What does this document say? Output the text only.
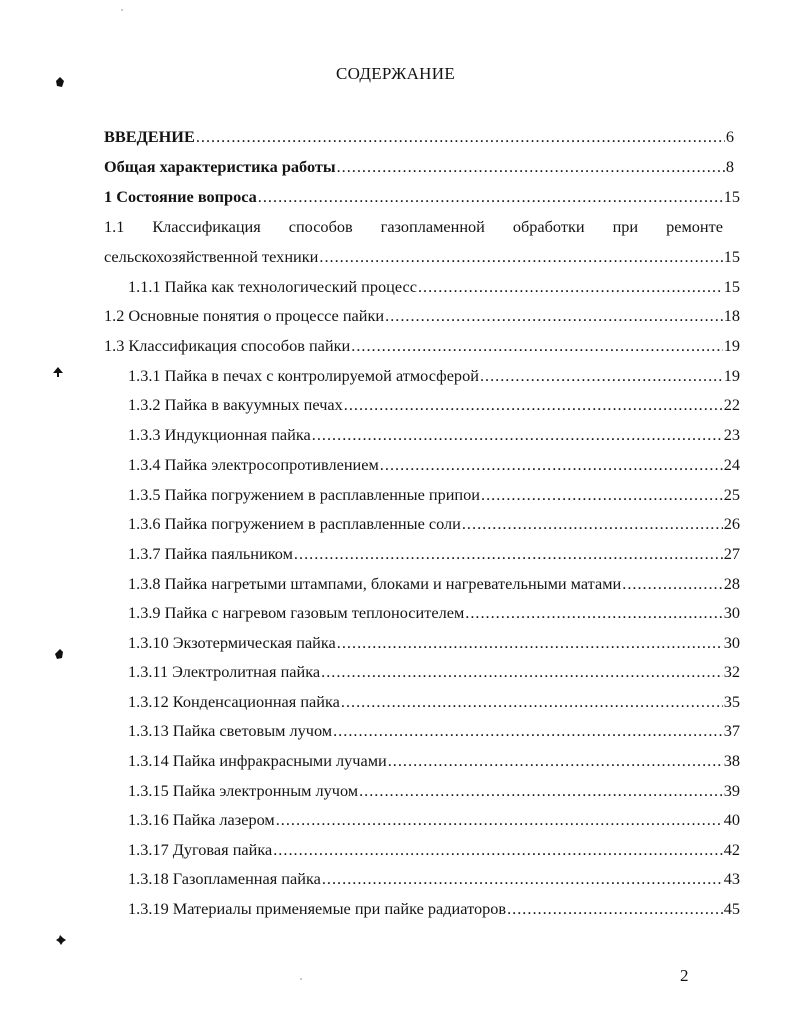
СОДЕРЖАНИЕ
ВВЕДЕНИЕ .....	6
Общая характеристика работы .....	8
1 Состояние вопроса .....	15
1.1 Классификация способов газопламенной обработки при ремонте
сельскохозяйственной техники .....	15
1.1.1 Пайка как технологический процесс .....	15
1.2 Основные понятия о процессе пайки .....	18
1.3 Классификация способов пайки .....	19
1.3.1 Пайка в печах с контролируемой атмосферой .....	19
1.3.2 Пайка в вакуумных печах .....	22
1.3.3 Индукционная пайка .....	23
1.3.4 Пайка электросопротивлением .....	24
1.3.5 Пайка погружением в расплавленные припои .....	25
1.3.6 Пайка погружением в расплавленные соли .....	26
1.3.7 Пайка паяльником .....	27
1.3.8 Пайка нагретыми штампами, блоками и нагревательными матами .....	28
1.3.9 Пайка с нагревом газовым теплоносителем .....	30
1.3.10 Экзотермическая пайка .....	30
1.3.11 Электролитная пайка .....	32
1.3.12 Конденсационная пайка .....	35
1.3.13 Пайка световым лучом .....	37
1.3.14 Пайка инфракрасными лучами .....	38
1.3.15 Пайка электронным лучом .....	39
1.3.16 Пайка лазером .....	40
1.3.17 Дуговая пайка .....	42
1.3.18 Газопламенная пайка .....	43
1.3.19 Материалы применяемые при пайке радиаторов .....	45
2
